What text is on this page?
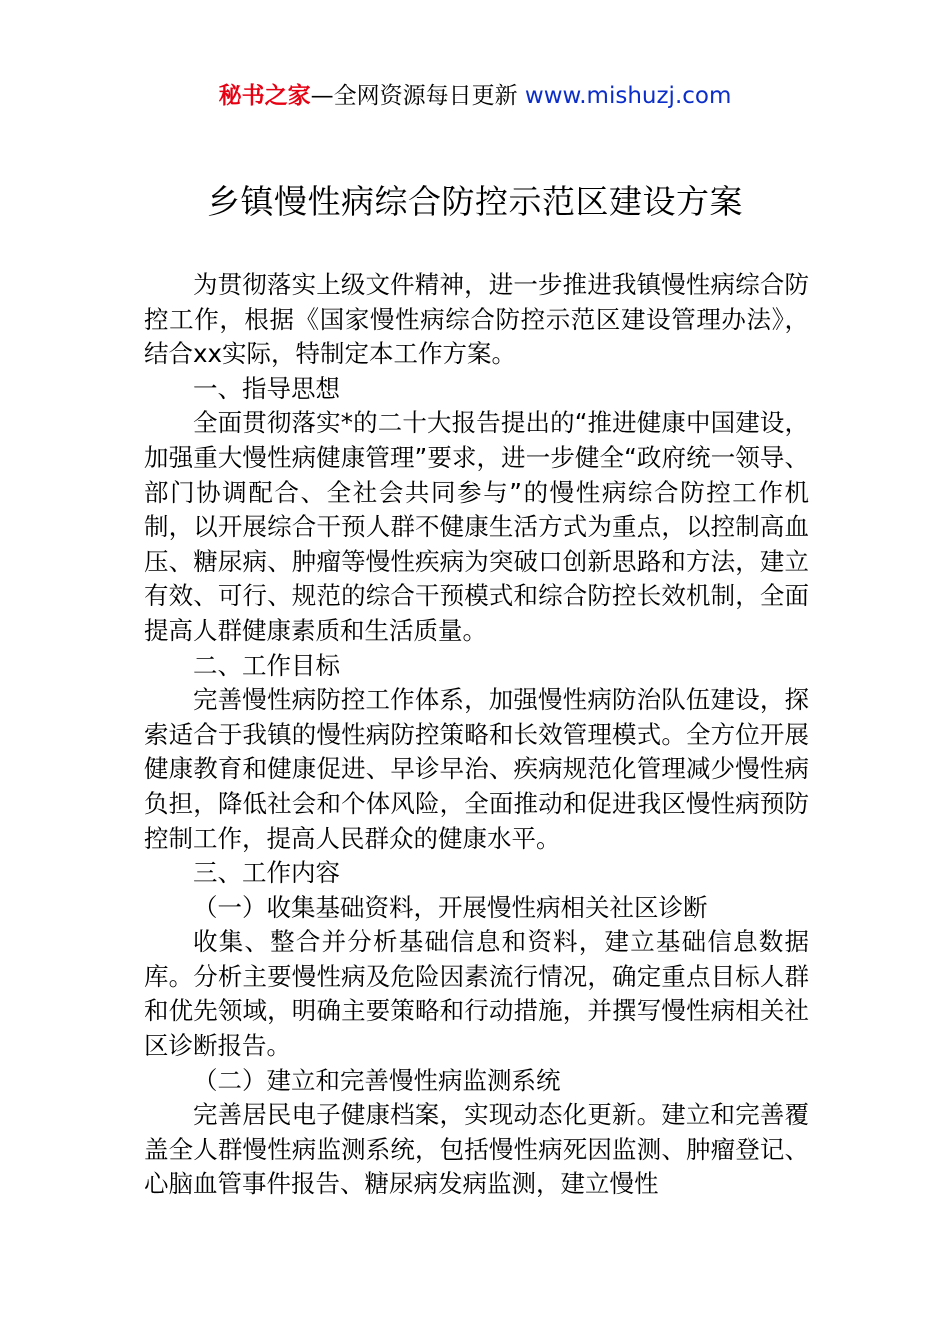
秘书之家—全网资源每日更新 www.mishuzj.com
乡镇慢性病综合防控示范区建设方案

为贯彻落实上级文件精神，进一步推进我镇慢性病综合防控工作，根据《国家慢性病综合防控示范区建设管理办法》，结合xx实际，特制定本工作方案。

一、指导思想

全面贯彻落实*的二十大报告提出的“推进健康中国建设，加强重大慢性病健康管理”要求，进一步健全“政府统一领导、部门协调配合、全社会共同参与”的慢性病综合防控工作机制，以开展综合干预人群不健康生活方式为重点，以控制高血压、糖尿病、肿瘤等慢性疾病为突破口创新思路和方法，建立有效、可行、规范的综合干预模式和综合防控长效机制，全面提高人群健康素质和生活质量。

二、工作目标

完善慢性病防控工作体系，加强慢性病防治队伍建设，探索适合于我镇的慢性病防控策略和长效管理模式。全方位开展健康教育和健康促进、早诊早治、疾病规范化管理减少慢性病负担，降低社会和个体风险，全面推动和促进我区慢性病预防控制工作，提高人民群众的健康水平。

三、工作内容

（一）收集基础资料，开展慢性病相关社区诊断

收集、整合并分析基础信息和资料，建立基础信息数据库。分析主要慢性病及危险因素流行情况，确定重点目标人群和优先领域，明确主要策略和行动措施，并撰写慢性病相关社区诊断报告。

（二）建立和完善慢性病监测系统

完善居民电子健康档案，实现动态化更新。建立和完善覆盖全人群慢性病监测系统，包括慢性病死因监测、肿瘤登记、心脑血管事件报告、糖尿病发病监测，建立慢性
